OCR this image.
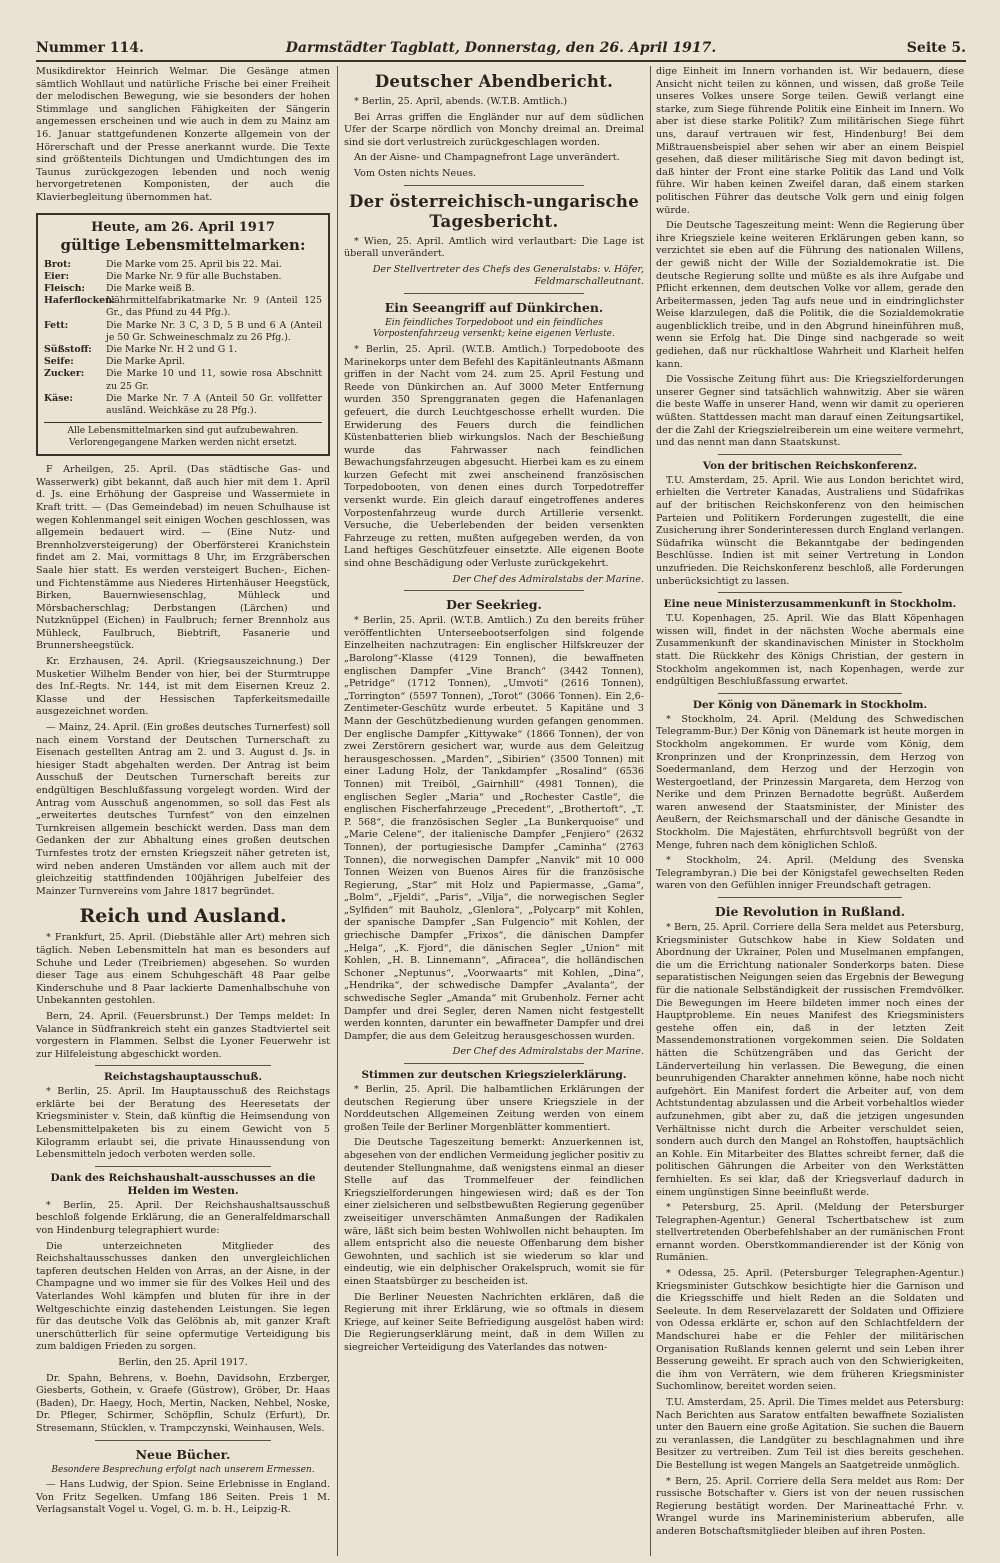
Nummer 114.	Darmstädter Tagblatt, Donnerstag, den 26. April 1917.	Seite 5.

Musikdirektor Heinrich Welmar. Die Gesänge atmen sämtlich Wohllaut und natürliche Frische bei einer Freiheit der melodischen Bewegung, wie sie besonders der hohen Stimmlage und sanglichen Fähigkeiten der Sängerin angemessen erscheinen und wie auch in dem zu Mainz am 16. Januar stattgefundenen Konzerte allgemein von der Hörerschaft und der Presse anerkannt wurde. Die Texte sind größtenteils Dichtungen und Umdichtungen des im Taunus zurückgezogen lebenden und noch wenig hervorgetretenen Komponisten, der auch die Klavierbegleitung übernommen hat.

Heute, am 26. April 1917
gültige Lebensmittelmarken:
Brot:	Die Marke vom 25. April bis 22. Mai.
Eier:	Die Marke Nr. 9 für alle Buchstaben.
Fleisch:	Die Marke weiß B.
Haferflocken:
Nährmittelfabrikatmarke Nr. 9 (Anteil 125 Gr., das Pfund zu 44 Pfg.).
Fett:	Die Marke Nr. 3 C, 3 D, 5 B und 6 A (Anteil je 50 Gr. Schweineschmalz zu 26 Pfg.).
Süßstoff:	Die Marke Nr. H 2 und G 1.
Seife:	Die Marke April.
Zucker:	Die Marke 10 und 11, sowie rosa Abschnitt zu 25 Gr.
Käse:	Die Marke Nr. 7 A (Anteil 50 Gr. vollfetter ausländ. Weichkäse zu 28 Pfg.).
Alle Lebensmittelmarken sind gut aufzubewahren. Verlorengegangene Marken werden nicht ersetzt.

F Arheilgen, 25. April. (Das städtische Gas- und Wasserwerk) gibt bekannt, daß auch hier mit dem 1. April d. Js. eine Erhöhung der Gaspreise und Wassermiete in Kraft tritt. — (Das Gemeindebad) im neuen Schulhause ist wegen Kohlenmangel seit einigen Wochen geschlossen, was allgemein bedauert wird. — (Eine Nutz- und Brennholzversteigerung) der Oberförsterei Kranichstein findet am 2. Mai, vormittags 8 Uhr, im Erzgräberschen Saale hier statt. Es werden versteigert Buchen-, Eichen- und Fichtenstämme aus Niederes Hirtenhäuser Heegstück, Birken, Bauernwiesenschlag, Mühleck und Mörsbacherschlag; Derbstangen (Lärchen) und Nutzknüppel (Eichen) in Faulbruch; ferner Brennholz aus Mühleck, Faulbruch, Biebtrift, Fasanerie und Brunnersheegstück.

Kr. Erzhausen, 24. April. (Kriegsauszeichnung.) Der Musketier Wilhelm Bender von hier, bei der Sturmtruppe des Inf.-Regts. Nr. 144, ist mit dem Eisernen Kreuz 2. Klasse und der Hessischen Tapferkeitsmedaille ausgezeichnet worden.

— Mainz, 24. April. (Ein großes deutsches Turnerfest) soll nach einem Vorstand der Deutschen Turnerschaft zu Eisenach gestellten Antrag am 2. und 3. August d. Js. in hiesiger Stadt abgehalten werden. Der Antrag ist beim Ausschuß der Deutschen Turnerschaft bereits zur endgültigen Beschlußfassung vorgelegt worden. Wird der Antrag vom Ausschuß angenommen, so soll das Fest als „erweitertes deutsches Turnfest“ von den einzelnen Turnkreisen allgemein beschickt werden. Dass man dem Gedanken der zur Abhaltung eines großen deutschen Turnfestes trotz der ernsten Kriegszeit näher getreten ist, wird neben anderen Umständen vor allem auch mit der gleichzeitig stattfindenden 100jährigen Jubelfeier des Mainzer Turnvereins vom Jahre 1817 begründet.

Reich und Ausland.

* Frankfurt, 25. April. (Diebstähle aller Art) mehren sich täglich. Neben Lebensmitteln hat man es besonders auf Schuhe und Leder (Treibriemen) abgesehen. So wurden dieser Tage aus einem Schuhgeschäft 48 Paar gelbe Kinderschuhe und 8 Paar lackierte Damenhalbschuhe von Unbekannten gestohlen.

Bern, 24. April. (Feuersbrunst.) Der Temps meldet: In Valance in Südfrankreich steht ein ganzes Stadtviertel seit vorgestern in Flammen. Selbst die Lyoner Feuerwehr ist zur Hilfeleistung abgeschickt worden.

Reichstagshauptausschuß.

* Berlin, 25. April. Im Hauptausschuß des Reichstags erklärte bei der Beratung des Heeresetats der Kriegsminister v. Stein, daß künftig die Heimsendung von Lebensmittelpaketen bis zu einem Gewicht von 5 Kilogramm erlaubt sei, die private Hinaussendung von Lebensmitteln jedoch verboten werden solle.

Dank des Reichshaushalt-ausschusses an die Helden im Westen.

* Berlin, 25. April. Der Reichshaushaltsausschuß beschloß folgende Erklärung, die an Generalfeldmarschall von Hindenburg telegraphiert wurde:

Die unterzeichneten Mitglieder des Reichshaltausschusses danken den unvergleichlichen tapferen deutschen Helden von Arras, an der Aisne, in der Champagne und wo immer sie für des Volkes Heil und des Vaterlandes Wohl kämpfen und bluten für ihre in der Weltgeschichte einzig dastehenden Leistungen. Sie legen für das deutsche Volk das Gelöbnis ab, mit ganzer Kraft unerschütterlich für seine opfermutige Verteidigung bis zum baldigen Frieden zu sorgen.

Berlin, den 25. April 1917.

Dr. Spahn, Behrens, v. Boehn, Davidsohn, Erzberger, Giesberts, Gothein, v. Graefe (Güstrow), Gröber, Dr. Haas (Baden), Dr. Haegy, Hoch, Mertin, Nacken, Nehbel, Noske, Dr. Pfleger, Schirmer, Schöpflin, Schulz (Erfurt), Dr. Stresemann, Stücklen, v. Trampczynski, Weinhausen, Wels.

Neue Bücher.
Besondere Besprechung erfolgt nach unserem Ermessen.

— Hans Ludwig, der Spion. Seine Erlebnisse in England. Von Fritz Segelken. Umfang 186 Seiten. Preis 1 M. Verlagsanstalt Vogel u. Vogel, G. m. b. H., Leipzig-R.

Deutscher Abendbericht.

* Berlin, 25. April, abends. (W.T.B. Amtlich.)

Bei Arras griffen die Engländer nur auf dem südlichen Ufer der Scarpe nördlich von Monchy dreimal an. Dreimal sind sie dort verlustreich zurückgeschlagen worden.

An der Aisne- und Champagnefront Lage unverändert.

Vom Osten nichts Neues.

Der österreichisch-ungarische Tagesbericht.

* Wien, 25. April. Amtlich wird verlautbart: Die Lage ist überall unverändert.

Der Stellvertreter des Chefs des Generalstabs: v. Höfer, Feldmarschalleutnant.

Ein Seeangriff auf Dünkirchen.
Ein feindliches Torpedoboot und ein feindliches Vorpostenfahrzeug versenkt; keine eigenen Verluste.

* Berlin, 25. April. (W.T.B. Amtlich.) Torpedoboote des Marinekorps unter dem Befehl des Kapitänleutnants Aßmann griffen in der Nacht vom 24. zum 25. April Festung und Reede von Dünkirchen an. Auf 3000 Meter Entfernung wurden 350 Sprenggranaten gegen die Hafenanlagen gefeuert, die durch Leuchtgeschosse erhellt wurden. Die Erwiderung des Feuers durch die feindlichen Küstenbatterien blieb wirkungslos. Nach der Beschießung wurde das Fahrwasser nach feindlichen Bewachungsfahrzeugen abgesucht. Hierbei kam es zu einem kurzen Gefecht mit zwei anscheinend französischen Torpedobooten, von denen eines durch Torpedotreffer versenkt wurde. Ein gleich darauf eingetroffenes anderes Vorpostenfahrzeug wurde durch Artillerie versenkt. Versuche, die Ueberlebenden der beiden versenkten Fahrzeuge zu retten, mußten aufgegeben werden, da von Land heftiges Geschützfeuer einsetzte. Alle eigenen Boote sind ohne Beschädigung oder Verluste zurückgekehrt.

Der Chef des Admiralstabs der Marine.

Der Seekrieg.

* Berlin, 25. April. (W.T.B. Amtlich.) Zu den bereits früher veröffentlichten Unterseebootserfolgen sind folgende Einzelheiten nachzutragen: Ein englischer Hilfskreuzer der „Barolong“-Klasse (4129 Tonnen), die bewaffneten englischen Dampfer „Vine Branch“ (3442 Tonnen), „Petridge“ (1712 Tonnen), „Umvoti“ (2616 Tonnen), „Torrington“ (5597 Tonnen), „Torot“ (3066 Tonnen). Ein 2,6-Zentimeter-Geschütz wurde erbeutet. 5 Kapitäne und 3 Mann der Geschützbedienung wurden gefangen genommen. Der englische Dampfer „Kittywake“ (1866 Tonnen), der von zwei Zerstörern gesichert war, wurde aus dem Geleitzug herausgeschossen. „Marden“, „Sibirien“ (3500 Tonnen) mit einer Ladung Holz, der Tankdampfer „Rosalind“ (6536 Tonnen) mit Treiböl, „Gairnhill“ (4981 Tonnen), die englischen Segler „Maria“ und „Rochester Castle“, die englischen Fischerfahrzeuge „Precedent“, „Brothertoft“, „T. P. 568“, die französischen Segler „La Bunkerquoise“ und „Marie Celene“, der italienische Dampfer „Fenjiero“ (2632 Tonnen), der portugiesische Dampfer „Caminha“ (2763 Tonnen), die norwegischen Dampfer „Nanvik“ mit 10 000 Tonnen Weizen von Buenos Aires für die französische Regierung, „Star“ mit Holz und Papiermasse, „Gama“, „Bolm“, „Fjeldi“, „Paris“, „Vilja“, die norwegischen Segler „Sylfiden“ mit Bauholz, „Glenlora“, „Polycarp“ mit Kohlen, der spanische Dampfer „San Fulgencio“ mit Kohlen, der griechische Dampfer „Frixos“, die dänischen Dampfer „Helga“, „K. Fjord“, die dänischen Segler „Union“ mit Kohlen, „H. B. Linnemann“, „Afiracea“, die holländischen Schoner „Neptunus“, „Voorwaarts“ mit Kohlen, „Dina“, „Hendrika“, der schwedische Dampfer „Avalanta“, der schwedische Segler „Amanda“ mit Grubenholz. Ferner acht Dampfer und drei Segler, deren Namen nicht festgestellt werden konnten, darunter ein bewaffneter Dampfer und drei Dampfer, die aus dem Geleitzug herausgeschossen wurden.

Der Chef des Admiralstabs der Marine.

Stimmen zur deutschen Kriegszielerklärung.

* Berlin, 25. April. Die halbamtlichen Erklärungen der deutschen Regierung über unsere Kriegsziele in der Norddeutschen Allgemeinen Zeitung werden von einem großen Teile der Berliner Morgenblätter kommentiert.

Die Deutsche Tageszeitung bemerkt: Anzuerkennen ist, abgesehen von der endlichen Vermeidung jeglicher positiv zu deutender Stellungnahme, daß wenigstens einmal an dieser Stelle auf das Trommelfeuer der feindlichen Kriegszielforderungen hingewiesen wird; daß es der Ton einer zielsicheren und selbstbewußten Regierung gegenüber zweiseitiger unverschämten Anmaßungen der Radikalen wäre, läßt sich beim besten Wohlwollen nicht behaupten. Im allem entspricht also die neueste Offenbarung dem bisher Gewohnten, und sachlich ist sie wiederum so klar und eindeutig, wie ein delphischer Orakelspruch, womit sie für einen Staatsbürger zu bescheiden ist.

Die Berliner Neuesten Nachrichten erklären, daß die Regierung mit ihrer Erklärung, wie so oftmals in diesem Kriege, auf keiner Seite Befriedigung ausgelöst haben wird: Die Regierungserklärung meint, daß in dem Willen zu siegreicher Verteidigung des Vaterlandes das notwen-

dige Einheit im Innern vorhanden ist. Wir bedauern, diese Ansicht nicht teilen zu können, und wissen, daß große Teile unseres Volkes unsere Sorge teilen. Gewiß verlangt eine starke, zum Siege führende Politik eine Einheit im Innern. Wo aber ist diese starke Politik? Zum militärischen Siege führt uns, darauf vertrauen wir fest, Hindenburg! Bei dem Mißtrauensbeispiel aber sehen wir aber an einem Beispiel gesehen, daß dieser militärische Sieg mit davon bedingt ist, daß hinter der Front eine starke Politik das Land und Volk führe. Wir haben keinen Zweifel daran, daß einem starken politischen Führer das deutsche Volk gern und einig folgen würde.

Die Deutsche Tageszeitung meint: Wenn die Regierung über ihre Kriegsziele keine weiteren Erklärungen geben kann, so verzichtet sie eben auf die Führung des nationalen Willens, der gewiß nicht der Wille der Sozialdemokratie ist. Die deutsche Regierung sollte und müßte es als ihre Aufgabe und Pflicht erkennen, dem deutschen Volke vor allem, gerade den Arbeitermassen, jeden Tag aufs neue und in eindringlichster Weise klarzulegen, daß die Politik, die die Sozialdemokratie augenblicklich treibe, und in den Abgrund hineinführen muß, wenn sie Erfolg hat. Die Dinge sind nachgerade so weit gediehen, daß nur rückhaltlose Wahrheit und Klarheit helfen kann.

Die Vossische Zeitung führt aus: Die Kriegszielforderungen unserer Gegner sind tatsächlich wahnwitzig. Aber sie wären die beste Waffe in unserer Hand, wenn wir damit zu operieren wüßten. Stattdessen macht man darauf einen Zeitungsartikel, der die Zahl der Kriegszielreiberein um eine weitere vermehrt, und das nennt man dann Staatskunst.

Von der britischen Reichskonferenz.

T.U. Amsterdam, 25. April. Wie aus London berichtet wird, erhielten die Vertreter Kanadas, Australiens und Südafrikas auf der britischen Reichskonferenz von den heimischen Parteien und Politikern Forderungen zugestellt, die eine Zusicherung ihrer Sonderinteressen durch England verlangen. Südafrika wünscht die Bekanntgabe der bedingenden Beschlüsse. Indien ist mit seiner Vertretung in London unzufrieden. Die Reichskonferenz beschloß, alle Forderungen unberücksichtigt zu lassen.

Eine neue Ministerzusammenkunft in Stockholm.

T.U. Kopenhagen, 25. April. Wie das Blatt Köpenhagen wissen will, findet in der nächsten Woche abermals eine Zusammenkunft der skandinavischen Minister in Stockholm statt. Die Rückkehr des Königs Christian, der gestern in Stockholm angekommen ist, nach Kopenhagen, werde zur endgültigen Beschlußfassung erwartet.

Der König von Dänemark in Stockholm.

* Stockholm, 24. April. (Meldung des Schwedischen Telegramm-Bur.) Der König von Dänemark ist heute morgen in Stockholm angekommen. Er wurde vom König, dem Kronprinzen und der Kronprinzessin, dem Herzog von Soedermanland, dem Herzog und der Herzogin von Westergoetland, der Prinzessin Margareta, dem Herzog von Nerike und dem Prinzen Bernadotte begrüßt. Außerdem waren anwesend der Staatsminister, der Minister des Aeußern, der Reichsmarschall und der dänische Gesandte in Stockholm. Die Majestäten, ehrfurchtsvoll begrüßt von der Menge, fuhren nach dem königlichen Schloß.

* Stockholm, 24. April. (Meldung des Svenska Telegrambyran.) Die bei der Königstafel gewechselten Reden waren von den Gefühlen inniger Freundschaft getragen.

Die Revolution in Rußland.

* Bern, 25. April. Corriere della Sera meldet aus Petersburg, Kriegsminister Gutschkow habe in Kiew Soldaten und Abordnung der Ukrainer, Polen und Muselmanen empfangen, die um die Errichtung nationaler Sonderkorps baten. Diese separatistischen Neigungen seien das Ergebnis der Bewegung für die nationale Selbständigkeit der russischen Fremdvölker. Die Bewegungen im Heere bildeten immer noch eines der Hauptprobleme. Ein neues Manifest des Kriegsministers gestehe offen ein, daß in der letzten Zeit Massendemonstrationen vorgekommen seien. Die Soldaten hätten die Schützengräben und das Gericht der Länderverteilung hin verlassen. Die Bewegung, die einen beunruhigenden Charakter annehmen könne, habe noch nicht aufgehört. Ein Manifest fordert die Arbeiter auf, von dem Achtstundentag abzulassen und die Arbeit vorbehaltlos wieder aufzunehmen, gibt aber zu, daß die jetzigen ungesunden Verhältnisse nicht durch die Arbeiter verschuldet seien, sondern auch durch den Mangel an Rohstoffen, hauptsächlich an Kohle. Ein Mitarbeiter des Blattes schreibt ferner, daß die politischen Gährungen die Arbeiter von den Werkstätten fernhielten. Es sei klar, daß der Kriegsverlauf dadurch in einem ungünstigen Sinne beeinflußt werde.

* Petersburg, 25. April. (Meldung der Petersburger Telegraphen-Agentur.) General Tschertbatschew ist zum stellvertretenden Oberbefehlshaber an der rumänischen Front ernannt worden. Oberstkommandierender ist der König von Rumänien.

* Odessa, 25. April. (Petersburger Telegraphen-Agentur.) Kriegsminister Gutschkow besichtigte hier die Garnison und die Kriegsschiffe und hielt Reden an die Soldaten und Seeleute. In dem Reservelazarett der Soldaten und Offiziere von Odessa erklärte er, schon auf den Schlachtfeldern der Mandschurei habe er die Fehler der militärischen Organisation Rußlands kennen gelernt und sein Leben ihrer Besserung geweiht. Er sprach auch von den Schwierigkeiten, die ihm von Verrätern, wie dem früheren Kriegsminister Suchomlinow, bereitet worden seien.

T.U. Amsterdam, 25. April. Die Times meldet aus Petersburg: Nach Berichten aus Saratow entfalten bewaffnete Sozialisten unter den Bauern eine große Agitation. Sie suchen die Bauern zu veranlassen, die Landgüter zu beschlagnahmen und ihre Besitzer zu vertreiben. Zum Teil ist dies bereits geschehen. Die Bestellung ist wegen Mangels an Saatgetreide unmöglich.

* Bern, 25. April. Corriere della Sera meldet aus Rom: Der russische Botschafter v. Giers ist von der neuen russischen Regierung bestätigt worden. Der Marineattaché Frhr. v. Wrangel wurde ins Marineministerium abberufen, alle anderen Botschaftsmitglieder bleiben auf ihren Posten.
